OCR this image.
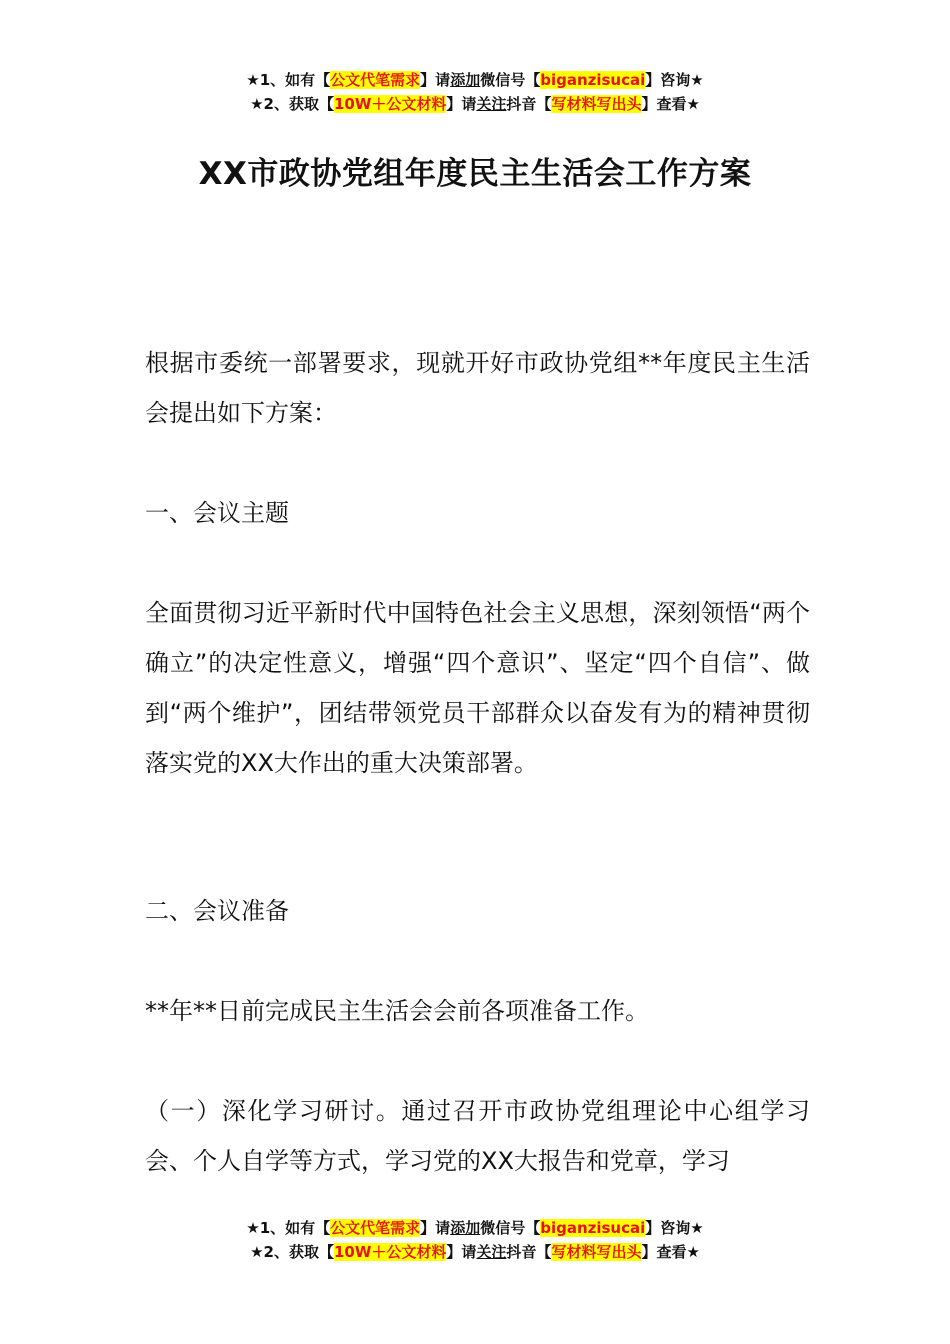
★1、如有【公文代笔需求】请添加微信号【biganzisucai】咨询★
★2、获取【10W＋公文材料】请关注抖音【写材料写出头】查看★
XX市政协党组年度民主生活会工作方案
根据市委统一部署要求，现就开好市政协党组**年度民主生活会提出如下方案：
一、会议主题
全面贯彻习近平新时代中国特色社会主义思想，深刻领悟“两个确立”的决定性意义，增强“四个意识”、坚定“四个自信”、做到“两个维护”，团结带领党员干部群众以奋发有为的精神贯彻落实党的XX大作出的重大决策部署。
二、会议准备
**年**日前完成民主生活会会前各项准备工作。
（一）深化学习研讨。通过召开市政协党组理论中心组学习会、个人自学等方式，学习党的XX大报告和党章，学习
★1、如有【公文代笔需求】请添加微信号【biganzisucai】咨询★
★2、获取【10W＋公文材料】请关注抖音【写材料写出头】查看★
